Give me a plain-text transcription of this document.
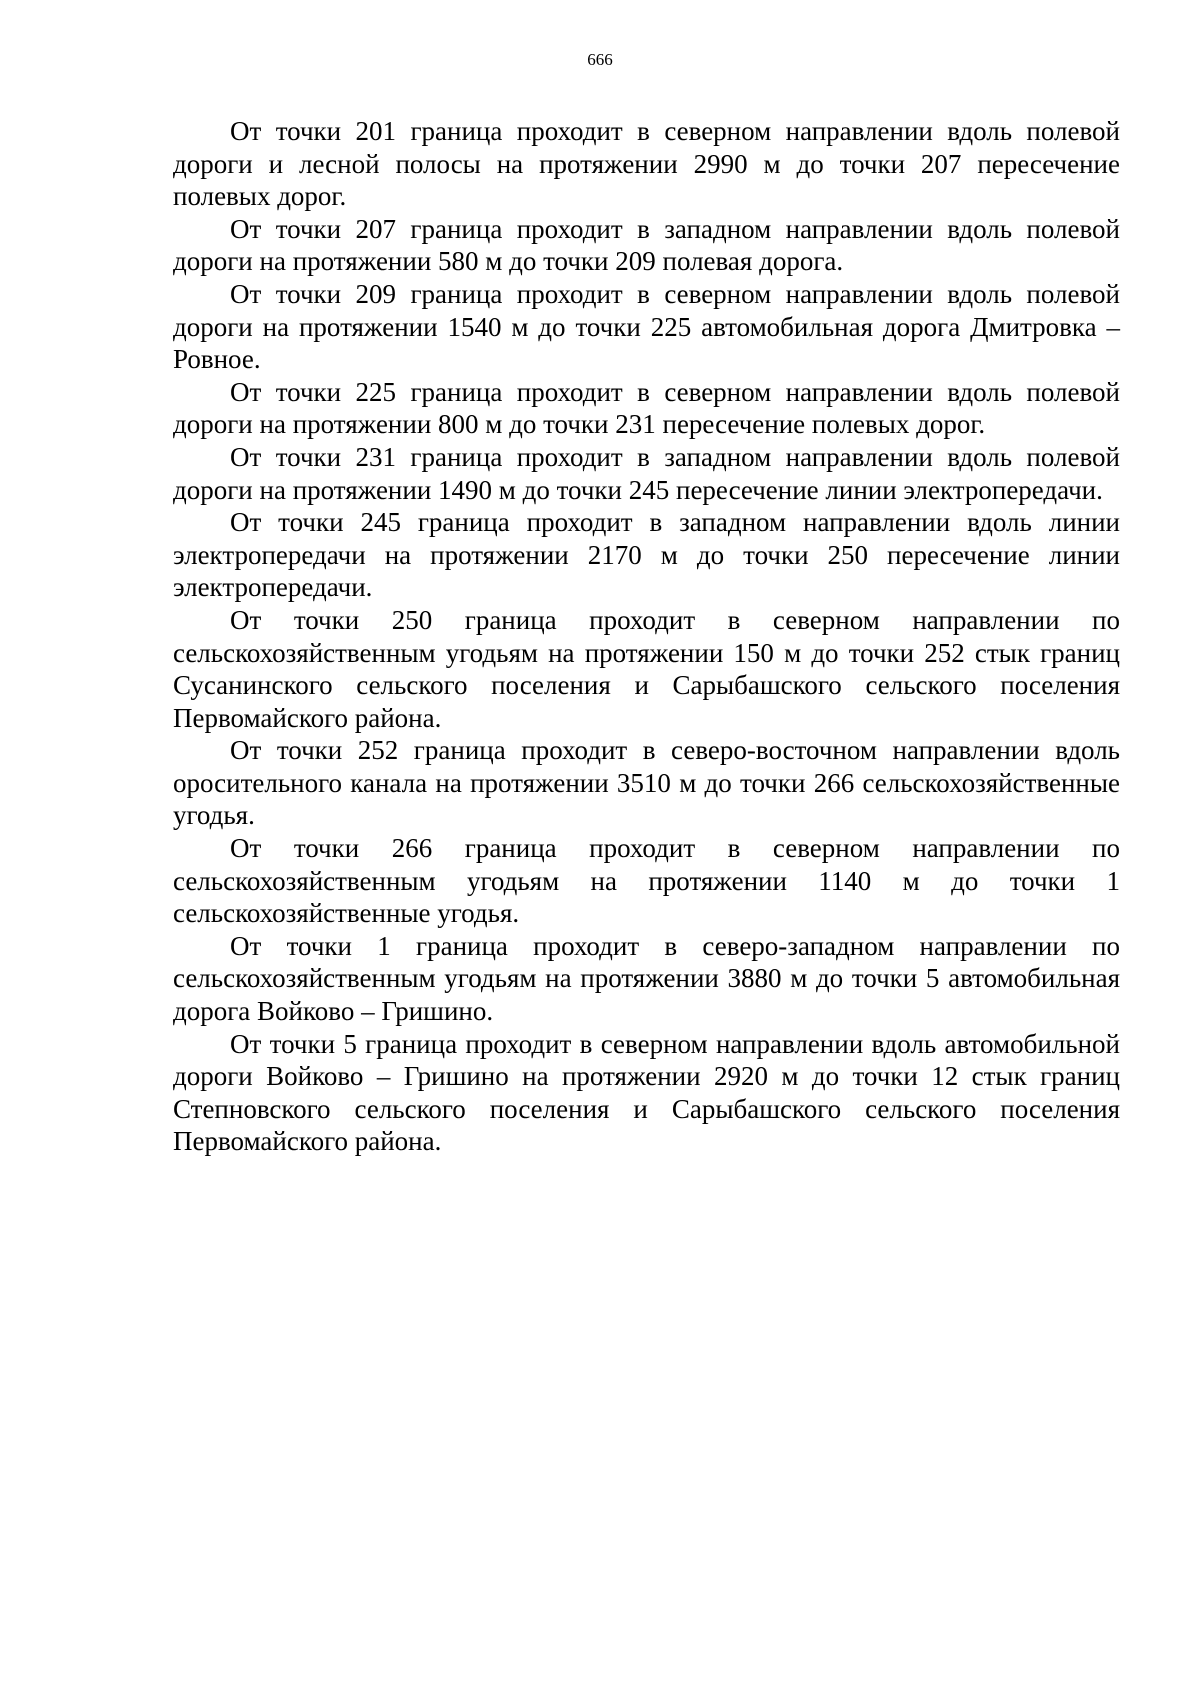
666

От точки 201 граница проходит в северном направлении вдоль полевой дороги и лесной полосы на протяжении 2990 м до точки 207 пересечение полевых дорог.

От точки 207 граница проходит в западном направлении вдоль полевой дороги на протяжении 580 м до точки 209 полевая дорога.

От точки 209 граница проходит в северном направлении вдоль полевой дороги на протяжении 1540 м до точки 225 автомобильная дорога Дмитровка – Ровное.

От точки 225 граница проходит в северном направлении вдоль полевой дороги на протяжении 800 м до точки 231 пересечение полевых дорог.

От точки 231 граница проходит в западном направлении вдоль полевой дороги на протяжении 1490 м до точки 245 пересечение линии электропередачи.

От точки 245 граница проходит в западном направлении вдоль линии электропередачи на протяжении 2170 м до точки 250 пересечение линии электропередачи.

От точки 250 граница проходит в северном направлении по сельскохозяйственным угодьям на протяжении 150 м до точки 252 стык границ Сусанинского сельского поселения и Сарыбашского сельского поселения Первомайского района.

От точки 252 граница проходит в северо-восточном направлении вдоль оросительного канала на протяжении 3510 м до точки 266 сельскохозяйственные угодья.

От точки 266 граница проходит в северном направлении по сельскохозяйственным угодьям на протяжении 1140 м до точки 1 сельскохозяйственные угодья.

От точки 1 граница проходит в северо-западном направлении по сельскохозяйственным угодьям на протяжении 3880 м до точки 5 автомобильная дорога Войково – Гришино.

От точки 5 граница проходит в северном направлении вдоль автомобильной дороги Войково – Гришино на протяжении 2920 м до точки 12 стык границ Степновского сельского поселения и Сарыбашского сельского поселения Первомайского района.
